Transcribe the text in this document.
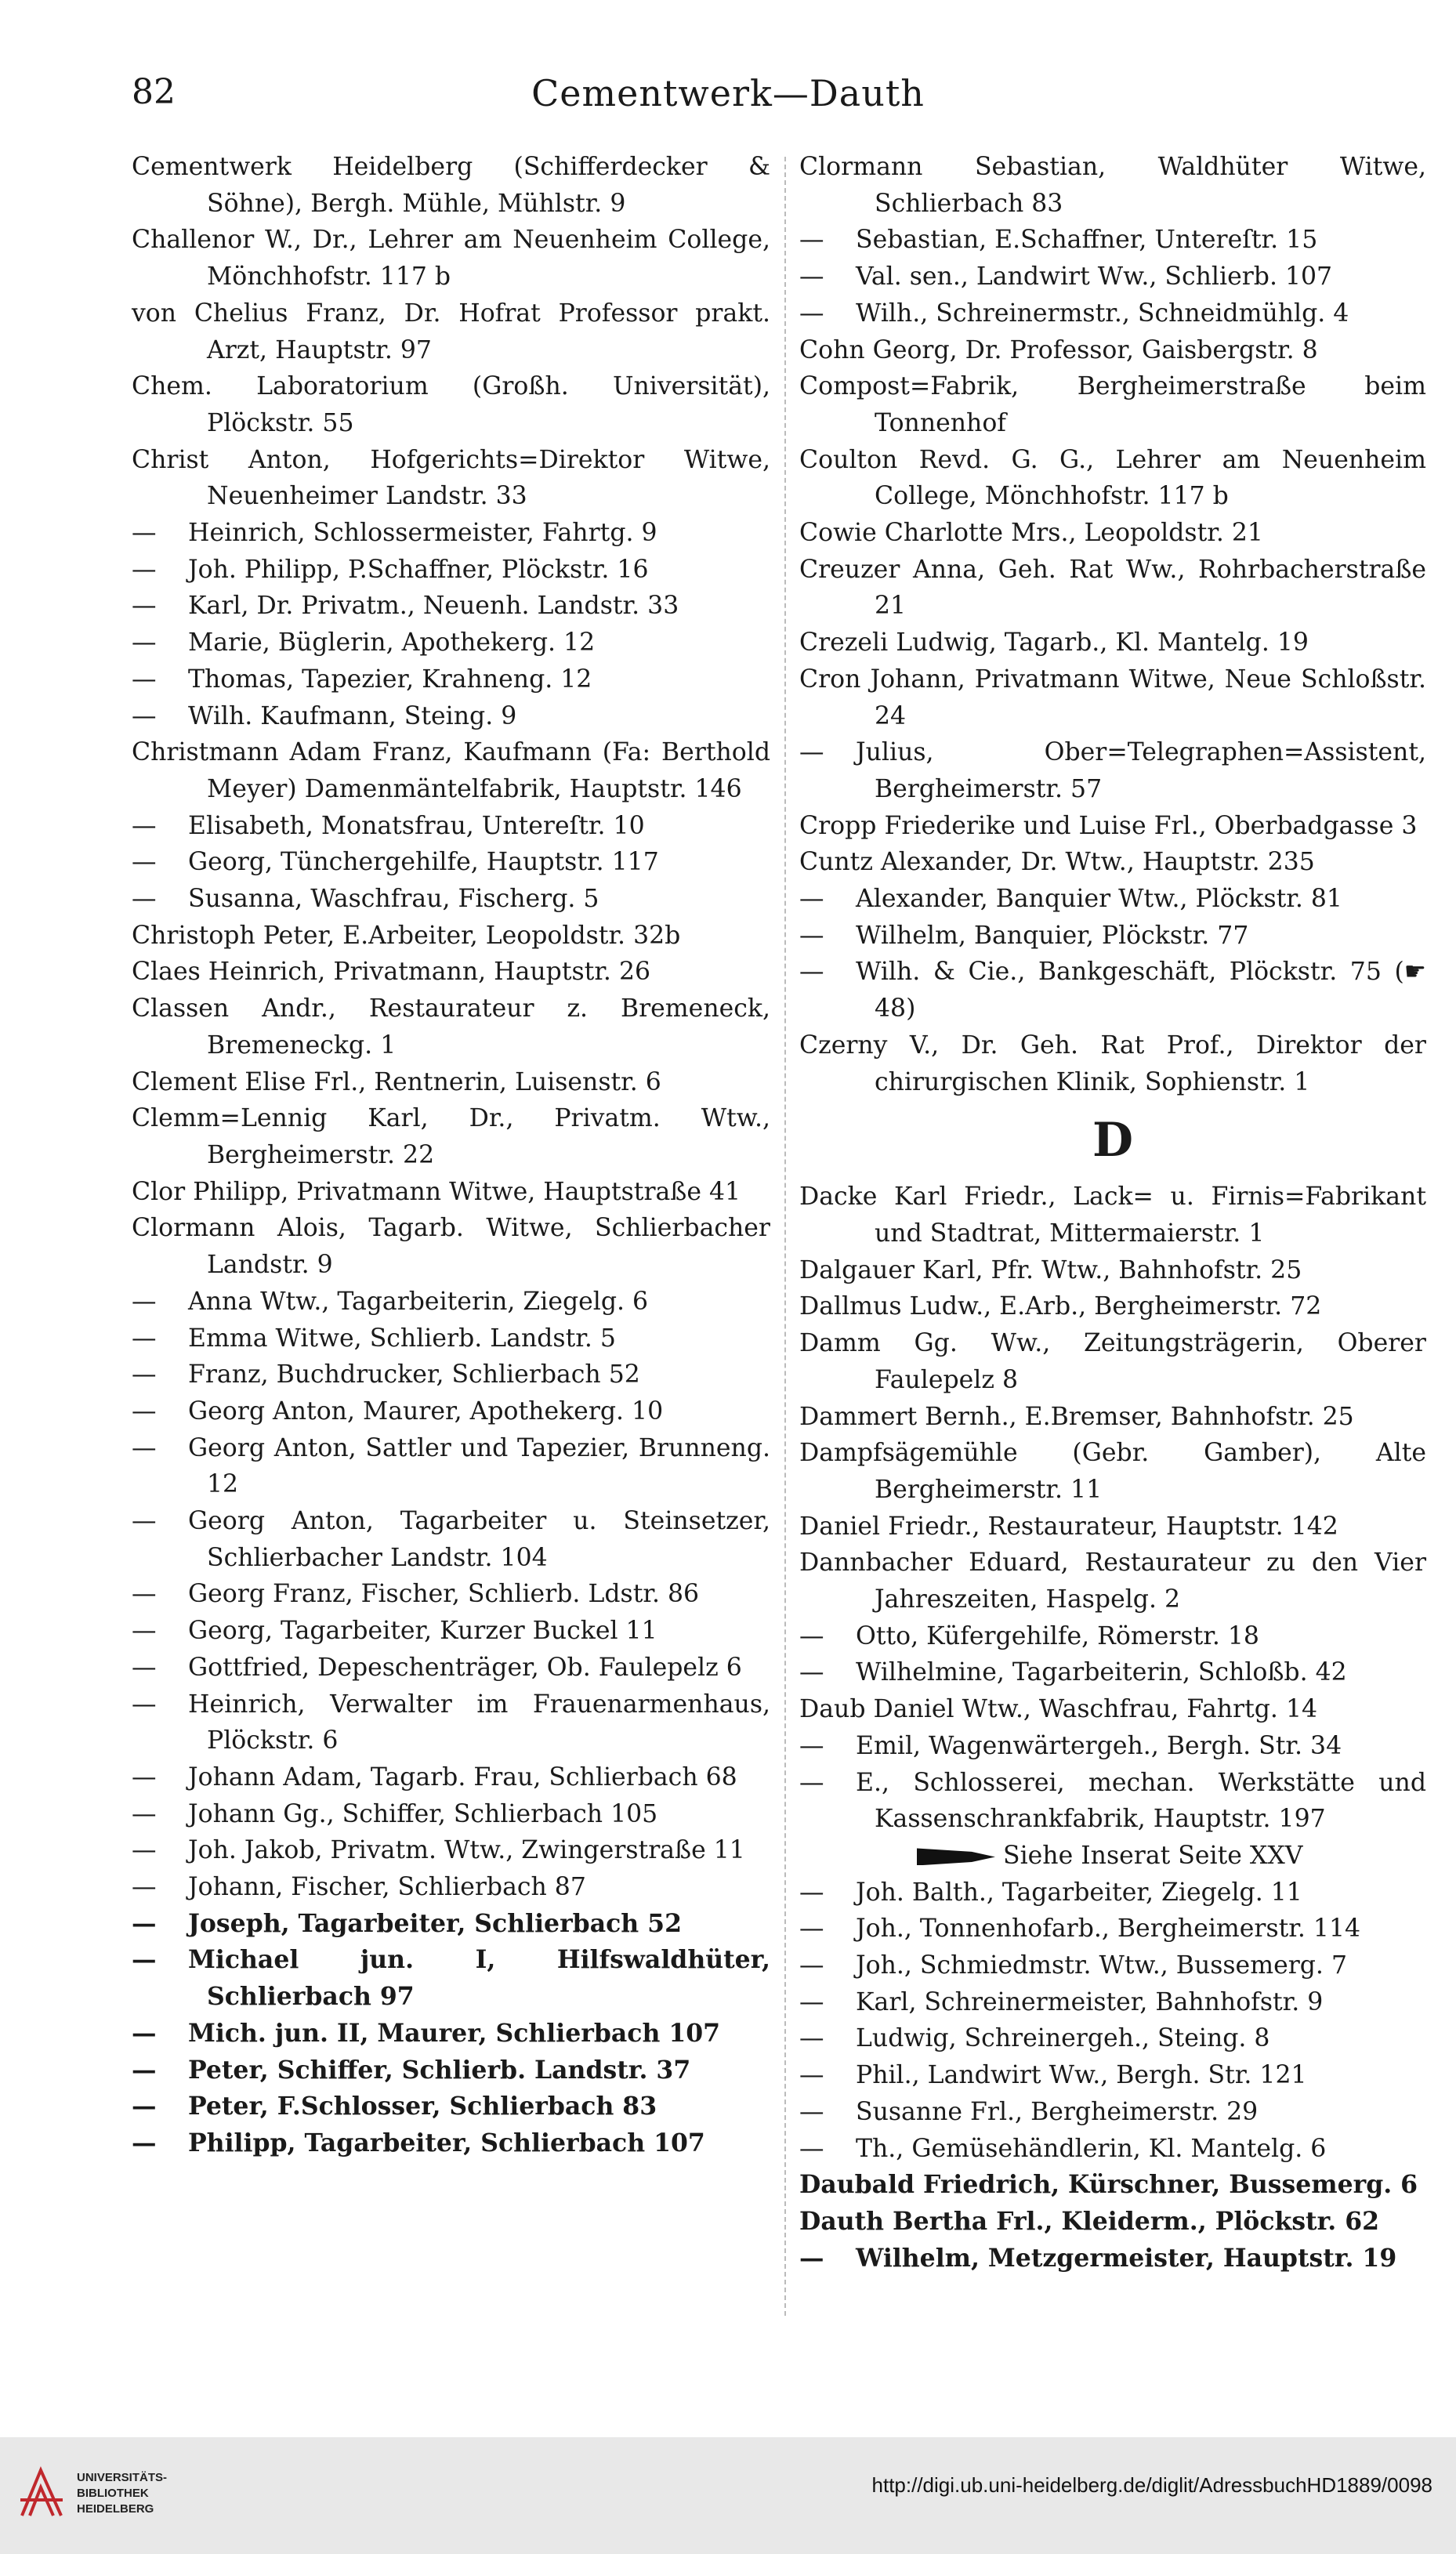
82	Cementwerk—Dauth
Cementwerk Heidelberg (Schifferdecker & Söhne), Bergh. Mühle, Mühlstr. 9
Challenor W., Dr., Lehrer am Neuenheim College, Mönchhofstr. 117 b
von Chelius Franz, Dr. Hofrat Professor prakt. Arzt, Hauptstr. 97
Chem. Laboratorium (Großh. Universität), Plöckstr. 55
Christ Anton, Hofgerichts=Direktor Witwe, Neuenheimer Landstr. 33
— Heinrich, Schlossermeister, Fahrtg. 9
— Joh. Philipp, P.Schaffner, Plöckstr. 16
— Karl, Dr. Privatm., Neuenh. Landstr. 33
— Marie, Büglerin, Apothekerg. 12
— Thomas, Tapezier, Krahneng. 12
— Wilh. Kaufmann, Steing. 9
Christmann Adam Franz, Kaufmann (Fa: Berthold Meyer) Damenmäntelfabrik, Hauptstr. 146
— Elisabeth, Monatsfrau, Untereſtr. 10
— Georg, Tünchergehilfe, Hauptstr. 117
— Susanna, Waschfrau, Fischerg. 5
Christoph Peter, E.Arbeiter, Leopoldstr. 32b
Claes Heinrich, Privatmann, Hauptstr. 26
Classen Andr., Restaurateur z. Bremeneck, Bremeneckg. 1
Clement Elise Frl., Rentnerin, Luisenstr. 6
Clemm=Lennig Karl, Dr., Privatm. Wtw., Bergheimerstr. 22
Clor Philipp, Privatmann Witwe, Hauptstraße 41
Clormann Alois, Tagarb. Witwe, Schlierbacher Landstr. 9
— Anna Wtw., Tagarbeiterin, Ziegelg. 6
— Emma Witwe, Schlierb. Landstr. 5
— Franz, Buchdrucker, Schlierbach 52
— Georg Anton, Maurer, Apothekerg. 10
— Georg Anton, Sattler und Tapezier, Brunneng. 12
— Georg Anton, Tagarbeiter u. Steinsetzer, Schlierbacher Landstr. 104
— Georg Franz, Fischer, Schlierb. Ldstr. 86
— Georg, Tagarbeiter, Kurzer Buckel 11
— Gottfried, Depeschenträger, Ob. Faulepelz 6
— Heinrich, Verwalter im Frauenarmenhaus, Plöckstr. 6
— Johann Adam, Tagarb. Frau, Schlierbach 68
— Johann Gg., Schiffer, Schlierbach 105
— Joh. Jakob, Privatm. Wtw., Zwingerstraße 11
— Johann, Fischer, Schlierbach 87
— Joseph, Tagarbeiter, Schlierbach 52
— Michael jun. I, Hilfswaldhüter, Schlierbach 97
— Mich. jun. II, Maurer, Schlierbach 107
— Peter, Schiffer, Schlierb. Landstr. 37
— Peter, F.Schlosser, Schlierbach 83
— Philipp, Tagarbeiter, Schlierbach 107
Clormann Sebastian, Waldhüter Witwe, Schlierbach 83
— Sebastian, E.Schaffner, Untereſtr. 15
— Val. sen., Landwirt Ww., Schlierb. 107
— Wilh., Schreinermstr., Schneidmühlg. 4
Cohn Georg, Dr. Professor, Gaisbergstr. 8
Compost=Fabrik, Bergheimerstraße beim Tonnenhof
Coulton Revd. G. G., Lehrer am Neuenheim College, Mönchhofstr. 117 b
Cowie Charlotte Mrs., Leopoldstr. 21
Creuzer Anna, Geh. Rat Ww., Rohrbacherstraße 21
Crezeli Ludwig, Tagarb., Kl. Mantelg. 19
Cron Johann, Privatmann Witwe, Neue Schloßstr. 24
— Julius, Ober=Telegraphen=Assistent, Bergheimerstr. 57
Cropp Friederike und Luise Frl., Oberbadgasse 3
Cuntz Alexander, Dr. Wtw., Hauptstr. 235
— Alexander, Banquier Wtw., Plöckstr. 81
— Wilhelm, Banquier, Plöckstr. 77
— Wilh. & Cie., Bankgeschäft, Plöckstr. 75 (☛ 48)
Czerny V., Dr. Geh. Rat Prof., Direktor der chirurgischen Klinik, Sophienstr. 1
D
Dacke Karl Friedr., Lack= u. Firnis=Fabrikant und Stadtrat, Mittermaierstr. 1
Dalgauer Karl, Pfr. Wtw., Bahnhofstr. 25
Dallmus Ludw., E.Arb., Bergheimerstr. 72
Damm Gg. Ww., Zeitungsträgerin, Oberer Faulepelz 8
Dammert Bernh., E.Bremser, Bahnhofstr. 25
Dampfsägemühle (Gebr. Gamber), Alte Bergheimerstr. 11
Daniel Friedr., Restaurateur, Hauptstr. 142
Dannbacher Eduard, Restaurateur zu den Vier Jahreszeiten, Haspelg. 2
— Otto, Küfergehilfe, Römerstr. 18
— Wilhelmine, Tagarbeiterin, Schloßb. 42
Daub Daniel Wtw., Waschfrau, Fahrtg. 14
— Emil, Wagenwärtergeh., Bergh. Str. 34
— E., Schlosserei, mechan. Werkstätte und Kassenschrankfabrik, Hauptstr. 197
Siehe Inserat Seite XXV
— Joh. Balth., Tagarbeiter, Ziegelg. 11
— Joh., Tonnenhofarb., Bergheimerstr. 114
— Joh., Schmiedmstr. Wtw., Bussemerg. 7
— Karl, Schreinermeister, Bahnhofstr. 9
— Ludwig, Schreinergeh., Steing. 8
— Phil., Landwirt Ww., Bergh. Str. 121
— Susanne Frl., Bergheimerstr. 29
— Th., Gemüsehändlerin, Kl. Mantelg. 6
Daubald Friedrich, Kürschner, Bussemerg. 6
Dauth Bertha Frl., Kleiderm., Plöckstr. 62
— Wilhelm, Metzgermeister, Hauptstr. 19
UNIVERSITÄTS-
BIBLIOTHEK
HEIDELBERG
http://digi.ub.uni-heidelberg.de/diglit/AdressbuchHD1889/0098
